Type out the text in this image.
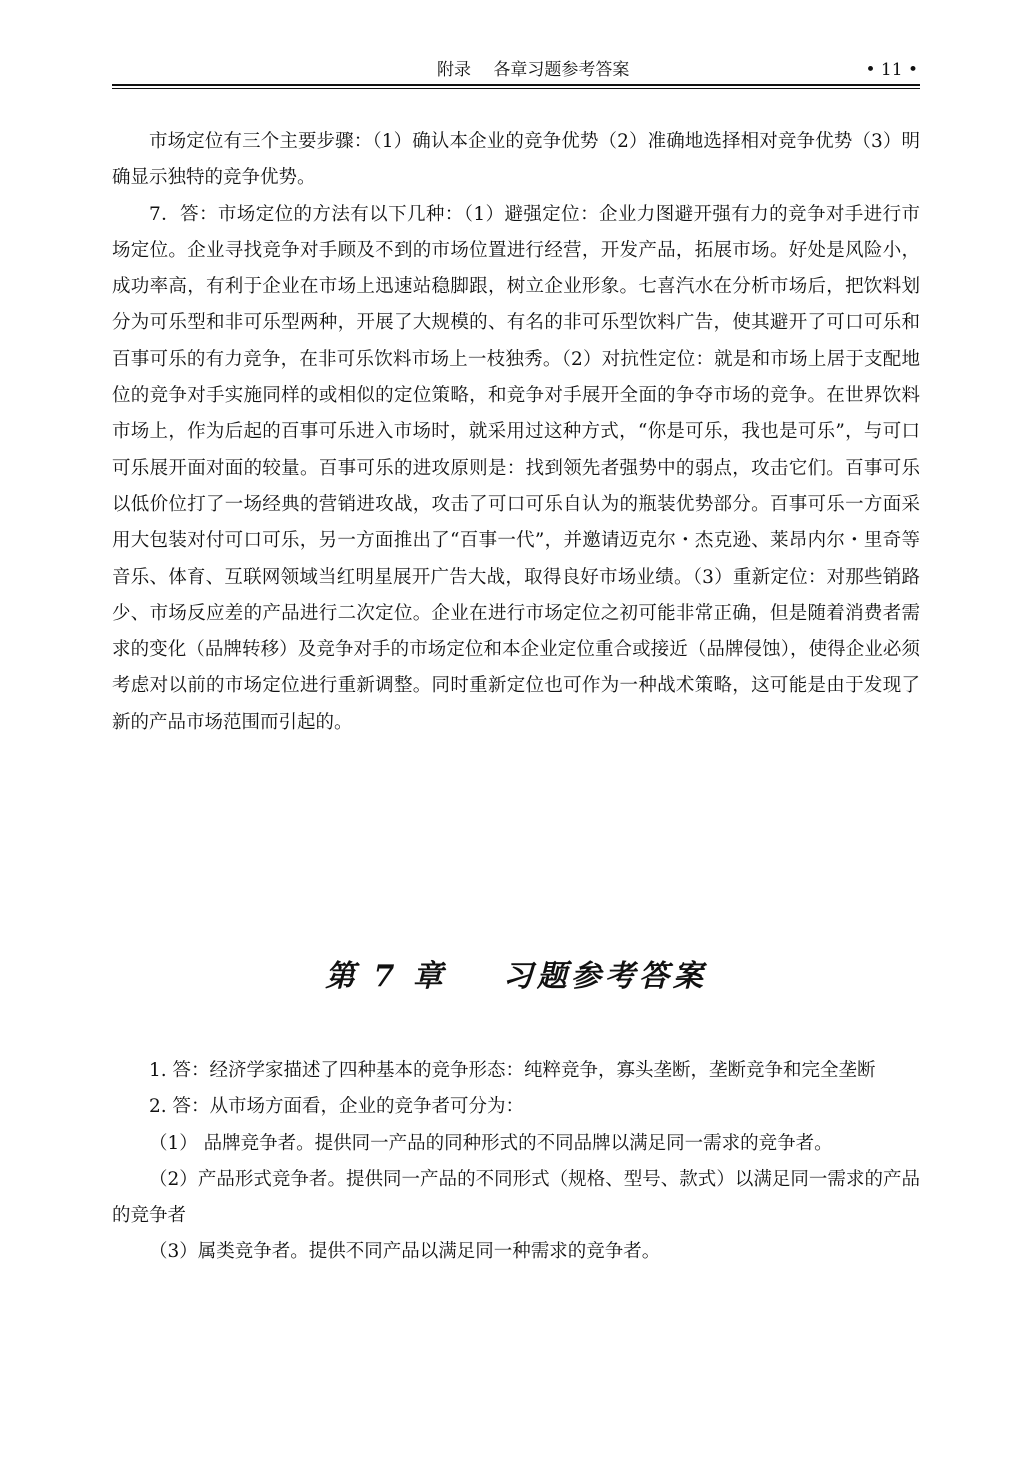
附录　 各章习题参考答案	• 11 •

市场定位有三个主要步骤：（1）确认本企业的竞争优势（2）准确地选择相对竞争优势（3）明确显示独特的竞争优势。

7．答：市场定位的方法有以下几种：（1）避强定位：企业力图避开强有力的竞争对手进行市场定位。企业寻找竞争对手顾及不到的市场位置进行经营，开发产品，拓展市场。好处是风险小，成功率高，有利于企业在市场上迅速站稳脚跟，树立企业形象。七喜汽水在分析市场后，把饮料划分为可乐型和非可乐型两种，开展了大规模的、有名的非可乐型饮料广告，使其避开了可口可乐和百事可乐的有力竞争，在非可乐饮料市场上一枝独秀。（2）对抗性定位：就是和市场上居于支配地位的竞争对手实施同样的或相似的定位策略，和竞争对手展开全面的争夺市场的竞争。在世界饮料市场上，作为后起的百事可乐进入市场时，就采用过这种方式，“你是可乐，我也是可乐”，与可口可乐展开面对面的较量。百事可乐的进攻原则是：找到领先者强势中的弱点，攻击它们。百事可乐以低价位打了一场经典的营销进攻战，攻击了可口可乐自认为的瓶装优势部分。百事可乐一方面采用大包装对付可口可乐，另一方面推出了“百事一代”，并邀请迈克尔・杰克逊、莱昂内尔・里奇等音乐、体育、互联网领域当红明星展开广告大战，取得良好市场业绩。（3）重新定位：对那些销路少、市场反应差的产品进行二次定位。企业在进行市场定位之初可能非常正确，但是随着消费者需求的变化（品牌转移）及竞争对手的市场定位和本企业定位重合或接近（品牌侵蚀），使得企业必须考虑对以前的市场定位进行重新调整。同时重新定位也可作为一种战术策略，这可能是由于发现了新的产品市场范围而引起的。

第 7 章 习题参考答案

1. 答：经济学家描述了四种基本的竞争形态：纯粹竞争，寡头垄断，垄断竞争和完全垄断

2. 答：从市场方面看，企业的竞争者可分为：

（1） 品牌竞争者。提供同一产品的同种形式的不同品牌以满足同一需求的竞争者。

（2）产品形式竞争者。提供同一产品的不同形式（规格、型号、款式）以满足同一需求的产品的竞争者

（3）属类竞争者。提供不同产品以满足同一种需求的竞争者。
